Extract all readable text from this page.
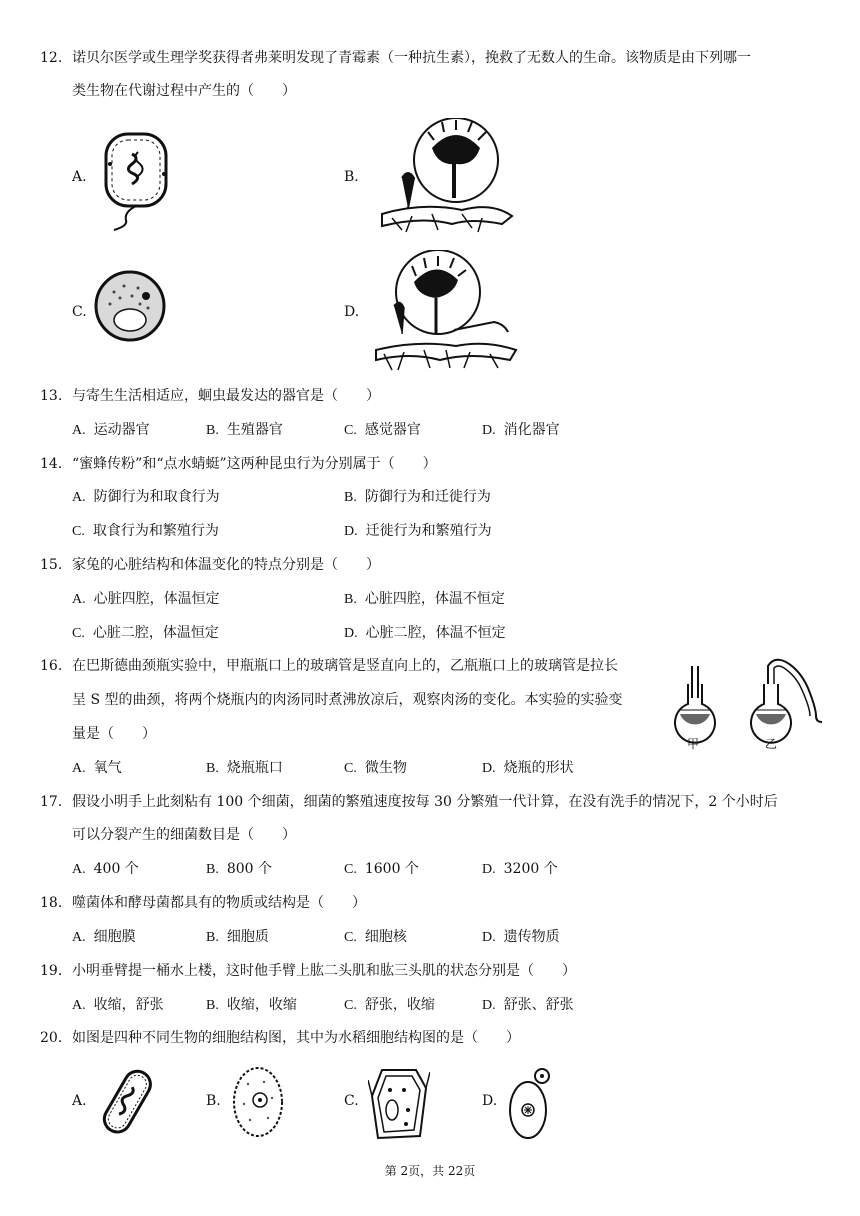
12. 诺贝尔医学或生理学奖获得者弗莱明发现了青霉素（一种抗生素），挽救了无数人的生命。该物质是由下列哪一
类生物在代谢过程中产生的（　　）
A.	B.
C.	D.
13. 与寄生生活相适应，蛔虫最发达的器官是（　　）
A. 运动器官	B. 生殖器官	C. 感觉器官	D. 消化器官
14. “蜜蜂传粉”和“点水蜻蜓”这两种昆虫行为分别属于（　　）
A. 防御行为和取食行为	B. 防御行为和迁徙行为
C. 取食行为和繁殖行为	D. 迁徙行为和繁殖行为
15. 家兔的心脏结构和体温变化的特点分别是（　　）
A. 心脏四腔，体温恒定	B. 心脏四腔，体温不恒定
C. 心脏二腔，体温恒定	D. 心脏二腔，体温不恒定
16. 在巴斯德曲颈瓶实验中，甲瓶瓶口上的玻璃管是竖直向上的，乙瓶瓶口上的玻璃管是拉长
呈 S 型的曲颈，将两个烧瓶内的肉汤同时煮沸放凉后，观察肉汤的变化。本实验的实验变
量是（　　）
甲	乙
A. 氧气	B. 烧瓶瓶口	C. 微生物	D. 烧瓶的形状
17. 假设小明手上此刻粘有 100 个细菌，细菌的繁殖速度按每 30 分繁殖一代计算，在没有洗手的情况下，2 个小时后
可以分裂产生的细菌数目是（　　）
A. 400 个	B. 800 个	C. 1600 个	D. 3200 个
18. 噬菌体和酵母菌都具有的物质或结构是（　　）
A. 细胞膜	B. 细胞质	C. 细胞核	D. 遗传物质
19. 小明垂臂提一桶水上楼，这时他手臂上肱二头肌和肱三头肌的状态分别是（　　）
A. 收缩，舒张	B. 收缩，收缩	C. 舒张，收缩	D. 舒张、舒张
20. 如图是四种不同生物的细胞结构图，其中为水稻细胞结构图的是（　　）
A.	B.	C.	D.
第 2页，共 22页
